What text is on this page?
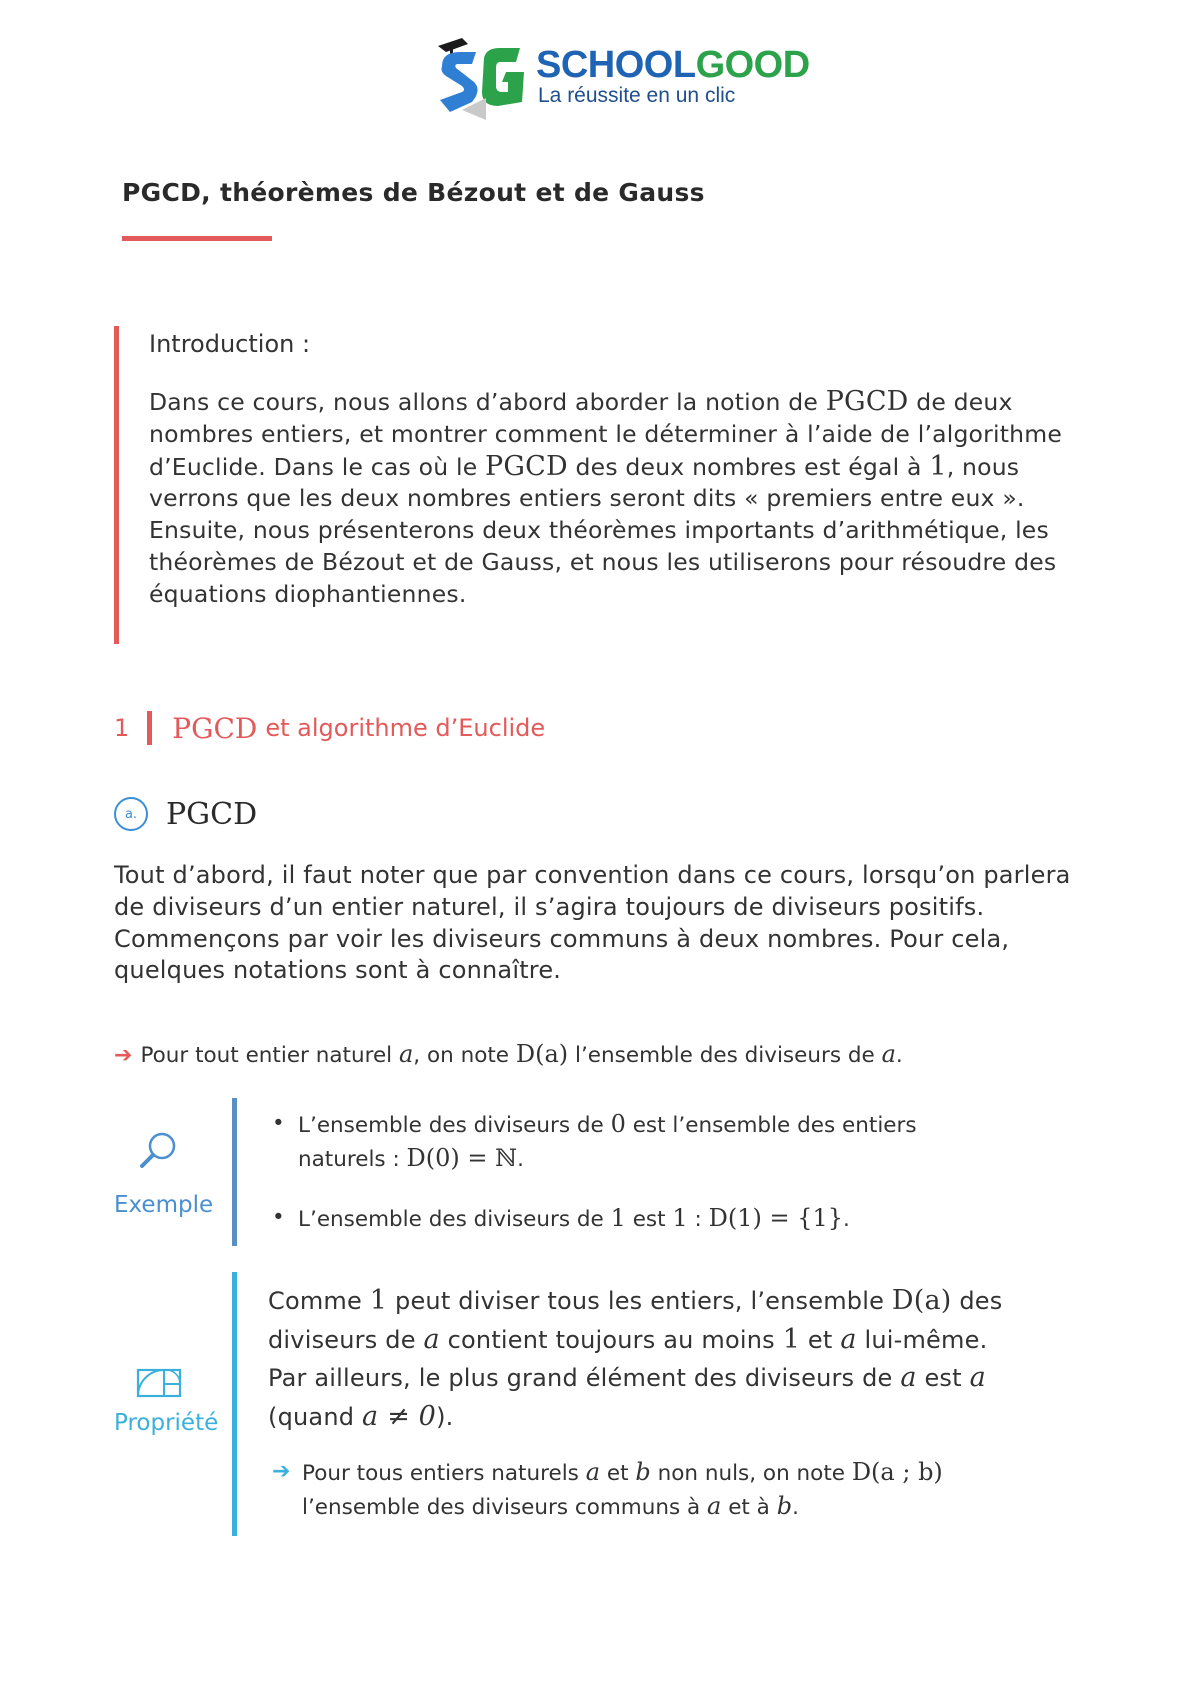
SCHOOLGOOD
La réussite en un clic
PGCD, théorèmes de Bézout et de Gauss
Introduction :

Dans ce cours, nous allons d’abord aborder la notion de PGCD de deux nombres entiers, et montrer comment le déterminer à l’aide de l’algorithme d’Euclide. Dans le cas où le PGCD des deux nombres est égal à 1, nous verrons que les deux nombres entiers seront dits « premiers entre eux ».

Ensuite, nous présenterons deux théorèmes importants d’arithmétique, les théorèmes de Bézout et de Gauss, et nous les utiliserons pour résoudre des équations diophantiennes.

1 PGCD et algorithme d’Euclide
a. PGCD

Tout d’abord, il faut noter que par convention dans ce cours, lorsqu’on parlera de diviseurs d’un entier naturel, il s’agira toujours de diviseurs positifs.

Commençons par voir les diviseurs communs à deux nombres. Pour cela, quelques notations sont à connaître.

➔ Pour tout entier naturel a, on note D(a) l’ensemble des diviseurs de a.
Exemple
• L’ensemble des diviseurs de 0 est l’ensemble des entiers naturels : D(0) = ℕ.
• L’ensemble des diviseurs de 1 est 1 : D(1) = {1}.
Propriété

Comme 1 peut diviser tous les entiers, l’ensemble D(a) des diviseurs de a contient toujours au moins 1 et a lui-même.

Par ailleurs, le plus grand élément des diviseurs de a est a (quand a ≠ 0).

➔ Pour tous entiers naturels a et b non nuls, on note D(a ; b) l’ensemble des diviseurs communs à a et à b.
